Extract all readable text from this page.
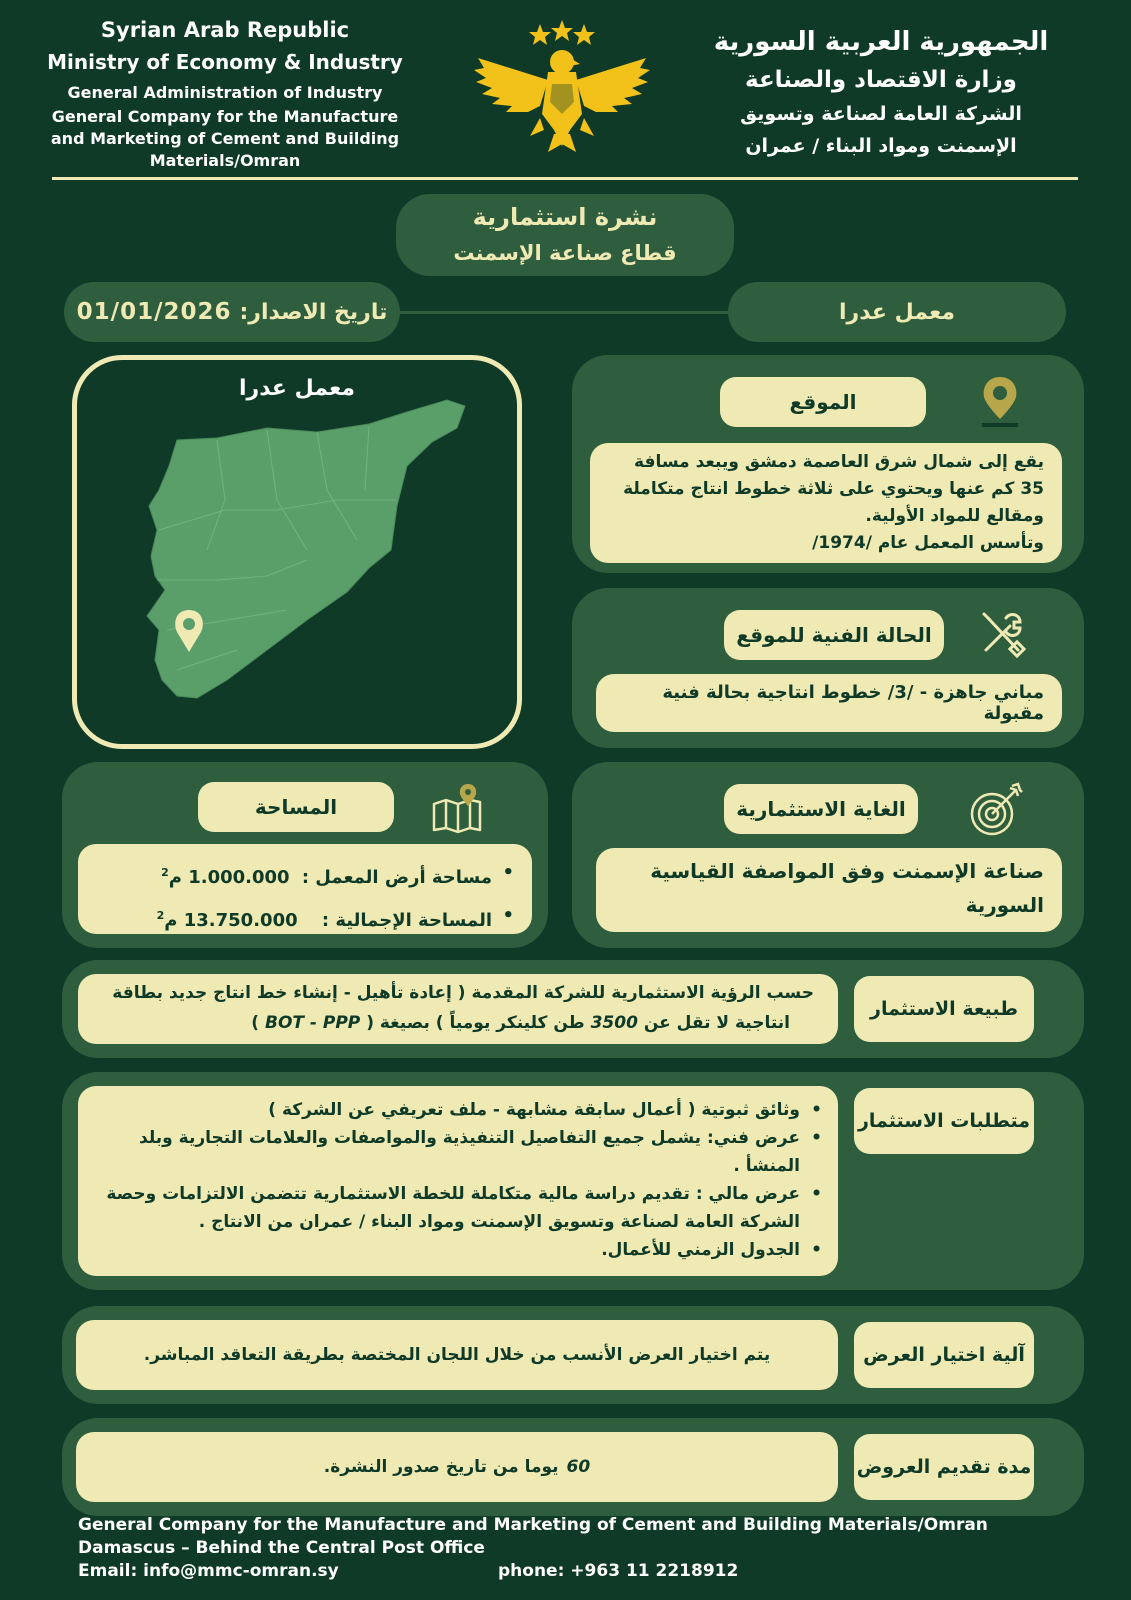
Syrian Arab Republic
Ministry of Economy & Industry
General Administration of Industry
General Company for the Manufacture and Marketing of Cement and Building Materials/Omran
الجمهورية العربية السورية
وزارة الاقتصاد والصناعة
الشركة العامة لصناعة وتسويق
الإسمنت ومواد البناء / عمران
نشرة استثمارية
قطاع صناعة الإسمنت
تاريخ الاصدار:
01/01/2026	معمل عدرا
معمل عدرا
الموقع
يقع إلى شمال شرق العاصمة دمشق ويبعد مسافة
35 كم عنها ويحتوي على ثلاثة خطوط انتاج متكاملة
ومقالع للمواد الأولية.
وتأسس المعمل عام /1974/
الحالة الفنية للموقع
مباني جاهزة - /3/ خطوط انتاجية بحالة فنية مقبولة
المساحة
•
مساحة أرض المعمل : 1.000.000 م$^2$
•
المساحة الإجمالية : 13.750.000 م$^2$
الغاية الاستثمارية
صناعة الإسمنت وفق المواصفة القياسية
السورية
طبيعة الاستثمار
حسب الرؤية الاستثمارية للشركة المقدمة ( إعادة تأهيل - إنشاء خط انتاج جديد بطاقة
انتاجية لا تقل عن 3500 طن كلينكر يومياً ) بصيغة ( BOT - PPP )
متطلبات الاستثمار
• وثائق ثبوتية ( أعمال سابقة مشابهة - ملف تعريفي عن الشركة )
• عرض فني: يشمل جميع التفاصيل التنفيذية والمواصفات والعلامات التجارية وبلد المنشأ .
• عرض مالي : تقديم دراسة مالية متكاملة للخطة الاستثمارية تتضمن الالتزامات وحصة الشركة العامة لصناعة وتسويق الإسمنت ومواد البناء / عمران من الانتاج .
• الجدول الزمني للأعمال.
آلية اختيار العرض
يتم اختيار العرض الأنسب من خلال اللجان المختصة بطريقة التعاقد المباشر.
مدة تقديم العروض
60
يوما من تاريخ صدور النشرة.
General Company for the Manufacture and Marketing of Cement and Building Materials/Omran
Damascus – Behind the Central Post Office
Email: info@mmc-omran.sy	phone: +963 11 2218912
